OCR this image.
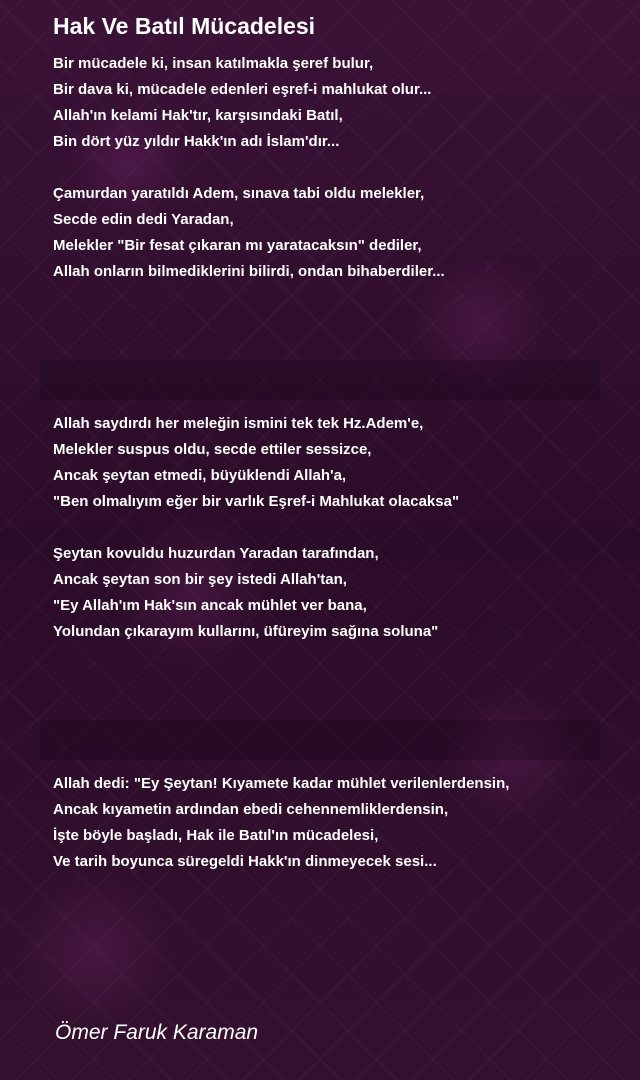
Hak Ve Batıl Mücadelesi
Bir mücadele ki, insan katılmakla şeref bulur,
Bir dava ki, mücadele edenleri eşref-i mahlukat olur...
Allah'ın kelami Hak'tır, karşısındaki Batıl,
Bin dört yüz yıldır Hakk'ın adı İslam'dır...
Çamurdan yaratıldı Adem, sınava tabi oldu melekler,
Secde edin dedi Yaradan,
Melekler "Bir fesat çıkaran mı yaratacaksın" dediler,
Allah onların bilmediklerini bilirdi, ondan bihaberdiler...
Allah saydırdı her meleğin ismini tek tek Hz.Adem'e,
Melekler suspus oldu, secde ettiler sessizce,
Ancak şeytan etmedi, büyüklendi Allah'a,
"Ben olmalıyım eğer bir varlık Eşref-i Mahlukat olacaksa"
Şeytan kovuldu huzurdan Yaradan tarafından,
Ancak şeytan son bir şey istedi Allah'tan,
"Ey Allah'ım Hak'sın ancak mühlet ver bana,
Yolundan çıkarayım kullarını, üfüreyim sağına soluna"
Allah dedi: "Ey Şeytan! Kıyamete kadar mühlet verilenlerdensin,
Ancak kıyametin ardından ebedi cehennemliklerdensin,
İşte böyle başladı, Hak ile Batıl'ın mücadelesi,
Ve tarih boyunca süregeldi Hakk'ın dinmeyecek sesi...
Ömer Faruk Karaman
